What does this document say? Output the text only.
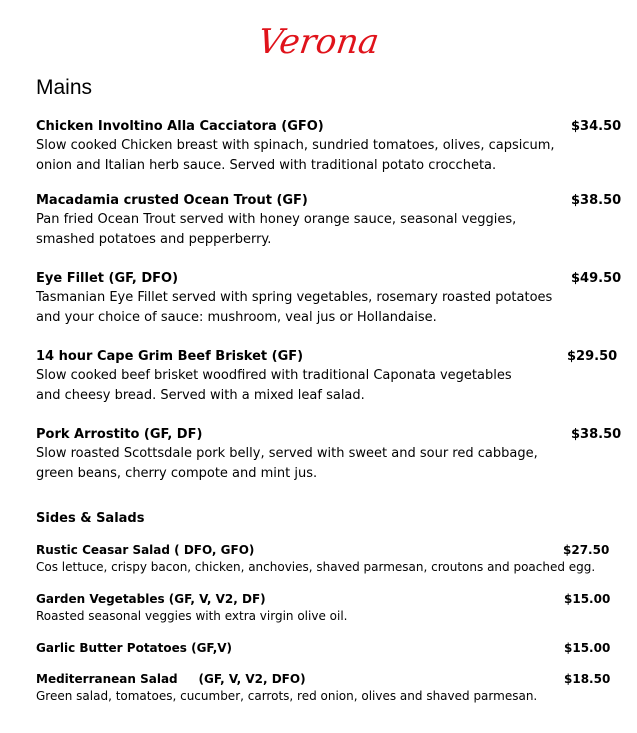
Verona
Mains
Chicken Involtino Alla Cacciatora (GFO)	$34.50
Slow cooked Chicken breast with spinach, sundried tomatoes, olives, capsicum,
onion and Italian herb sauce. Served with traditional potato croccheta.
Macadamia crusted Ocean Trout (GF)	$38.50
Pan fried Ocean Trout served with honey orange sauce, seasonal veggies,
smashed potatoes and pepperberry.
Eye Fillet (GF, DFO)	$49.50
Tasmanian Eye Fillet served with spring vegetables, rosemary roasted potatoes
and your choice of sauce: mushroom, veal jus or Hollandaise.
14 hour Cape Grim Beef Brisket (GF)	$29.50
Slow cooked beef brisket woodfired with traditional Caponata vegetables
and cheesy bread. Served with a mixed leaf salad.
Pork Arrostito (GF, DF)	$38.50
Slow roasted Scottsdale pork belly, served with sweet and sour red cabbage,
green beans, cherry compote and mint jus.
Sides & Salads
Rustic Ceasar Salad ( DFO, GFO)	$27.50
Cos lettuce, crispy bacon, chicken, anchovies, shaved parmesan, croutons and poached egg.
Garden Vegetables (GF, V, V2, DF)	$15.00
Roasted seasonal veggies with extra virgin olive oil.
Garlic Butter Potatoes (GF,V)	$15.00
Mediterranean Salad     (GF, V, V2, DFO)	$18.50
Green salad, tomatoes, cucumber, carrots, red onion, olives and shaved parmesan.
